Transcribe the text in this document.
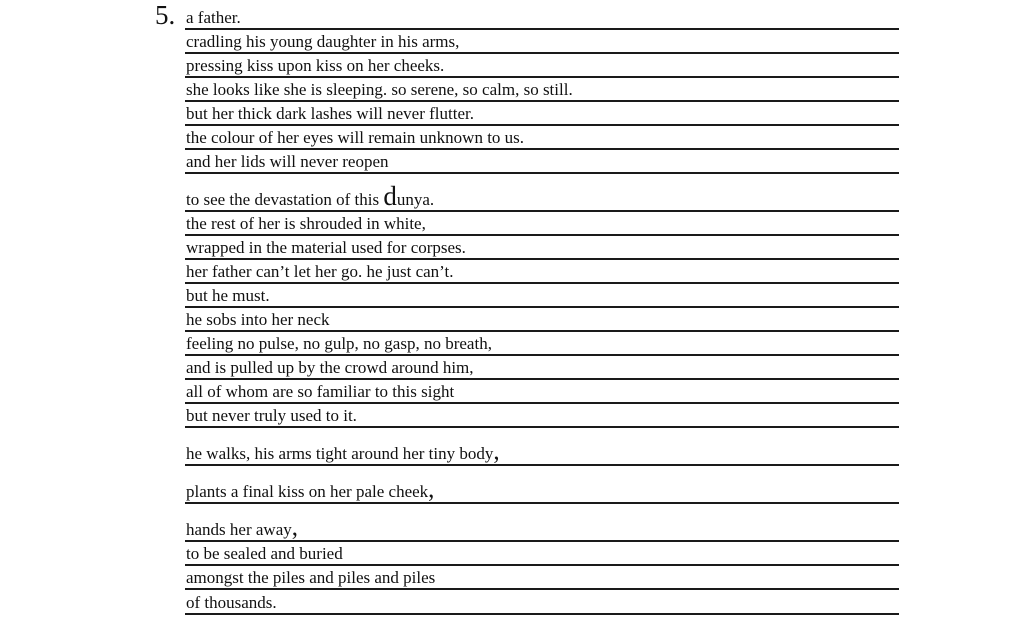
5. a father.
cradling his young daughter in his arms,
pressing kiss upon kiss on her cheeks.
she looks like she is sleeping. so serene, so calm, so still.
but her thick dark lashes will never flutter.
the colour of her eyes will remain unknown to us.
and her lids will never reopen
to see the devastation of this dunya.
the rest of her is shrouded in white,
wrapped in the material used for corpses.
her father can’t let her go. he just can’t.
but he must.
he sobs into her neck
feeling no pulse, no gulp, no gasp, no breath,
and is pulled up by the crowd around him,
all of whom are so familiar to this sight
but never truly used to it.
he walks, his arms tight around her tiny body,
plants a final kiss on her pale cheek,
hands her away,
to be sealed and buried
amongst the piles and piles and piles
of thousands.
